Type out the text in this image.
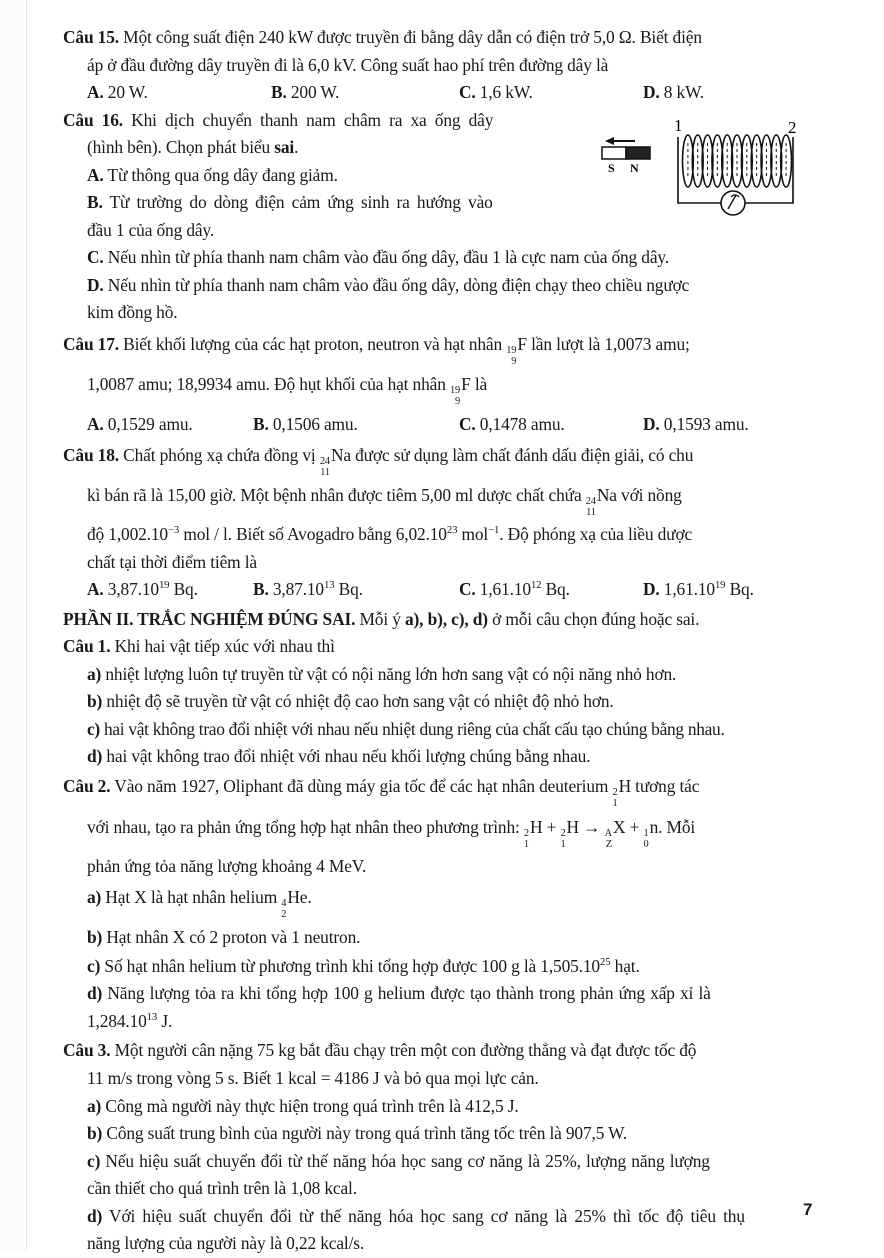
Câu 15. Một công suất điện 240 kW được truyền đi bằng dây dẫn có điện trở 5,0 Ω. Biết điện
áp ở đầu đường dây truyền đi là 6,0 kV. Công suất hao phí trên đường dây là
A. 20 W.	B. 200 W.	C. 1,6 kW.	D. 8 kW.
Câu 16. Khi dịch chuyển thanh nam châm ra xa ống dây
(hình bên). Chọn phát biểu sai.
A. Từ thông qua ống dây đang giảm.
B. Từ trường do dòng điện cảm ứng sinh ra hướng vào
đầu 1 của ống dây.
C. Nếu nhìn từ phía thanh nam châm vào đầu ống dây, đầu 1 là cực nam của ống dây.
D. Nếu nhìn từ phía thanh nam châm vào đầu ống dây, dòng điện chạy theo chiều ngược
kim đồng hồ.
S N
1	2
Câu 17. Biết khối lượng của các hạt proton, neutron và hạt nhân 19
9
F lần lượt là 1,0073 amu;
1,0087 amu; 18,9934 amu. Độ hụt khối của hạt nhân 19
9
F là
A. 0,1529 amu.	B. 0,1506 amu.	C. 0,1478 amu.	D. 0,1593 amu.
Câu 18. Chất phóng xạ chứa đồng vị 24
11
Na được sử dụng làm chất đánh dấu điện giải, có chu
kì bán rã là 15,00 giờ. Một bệnh nhân được tiêm 5,00 ml dược chất chứa 24
11
Na với nồng
độ $1,002.10^{-3}$ mol / l. Biết số Avogadro bằng 6,02.10$^{23}$ mol$^{-1}$. Độ phóng xạ của liều dược
chất tại thời điểm tiêm là
A. 3,87.10$^{19}$ Bq.	B. 3,87.10$^{13}$ Bq.	C. 1,61.10$^{12}$ Bq.	D. 1,61.10$^{19}$ Bq.
PHẦN II. TRẮC NGHIỆM ĐÚNG SAI. Mỗi ý a), b), c), d) ở mỗi câu chọn đúng hoặc sai.
Câu 1. Khi hai vật tiếp xúc với nhau thì
a) nhiệt lượng luôn tự truyền từ vật có nội năng lớn hơn sang vật có nội năng nhỏ hơn.
b) nhiệt độ sẽ truyền từ vật có nhiệt độ cao hơn sang vật có nhiệt độ nhỏ hơn.
c) hai vật không trao đổi nhiệt với nhau nếu nhiệt dung riêng của chất cấu tạo chúng bằng nhau.
d) hai vật không trao đổi nhiệt với nhau nếu khối lượng chúng bằng nhau.
Câu 2. Vào năm 1927, Oliphant đã dùng máy gia tốc để các hạt nhân deuterium 2
1
H tương tác
với nhau, tạo ra phản ứng tổng hợp hạt nhân theo phương trình: 2
1
H + 2
1
H → A
Z
X + 1
0
n. Mỗi
phản ứng tỏa năng lượng khoảng 4 MeV.
a) Hạt X là hạt nhân helium 4
2
He.
b) Hạt nhân X có 2 proton và 1 neutron.
c) Số hạt nhân helium từ phương trình khi tổng hợp được 100 g là 1,505.10$^{25}$ hạt.
d) Năng lượng tỏa ra khi tổng hợp 100 g helium được tạo thành trong phản ứng xấp xỉ là
1,284.10$^{13}$ J.
Câu 3. Một người cân nặng 75 kg bắt đầu chạy trên một con đường thẳng và đạt được tốc độ
11 m/s trong vòng 5 s. Biết 1 kcal = 4186 J và bỏ qua mọi lực cản.
a) Công mà người này thực hiện trong quá trình trên là 412,5 J.
b) Công suất trung bình của người này trong quá trình tăng tốc trên là 907,5 W.
c) Nếu hiệu suất chuyển đổi từ thế năng hóa học sang cơ năng là 25%, lượng năng lượng
cần thiết cho quá trình trên là 1,08 kcal.
d) Với hiệu suất chuyển đổi từ thế năng hóa học sang cơ năng là 25% thì tốc độ tiêu thụ
năng lượng của người này là 0,22 kcal/s.
7
